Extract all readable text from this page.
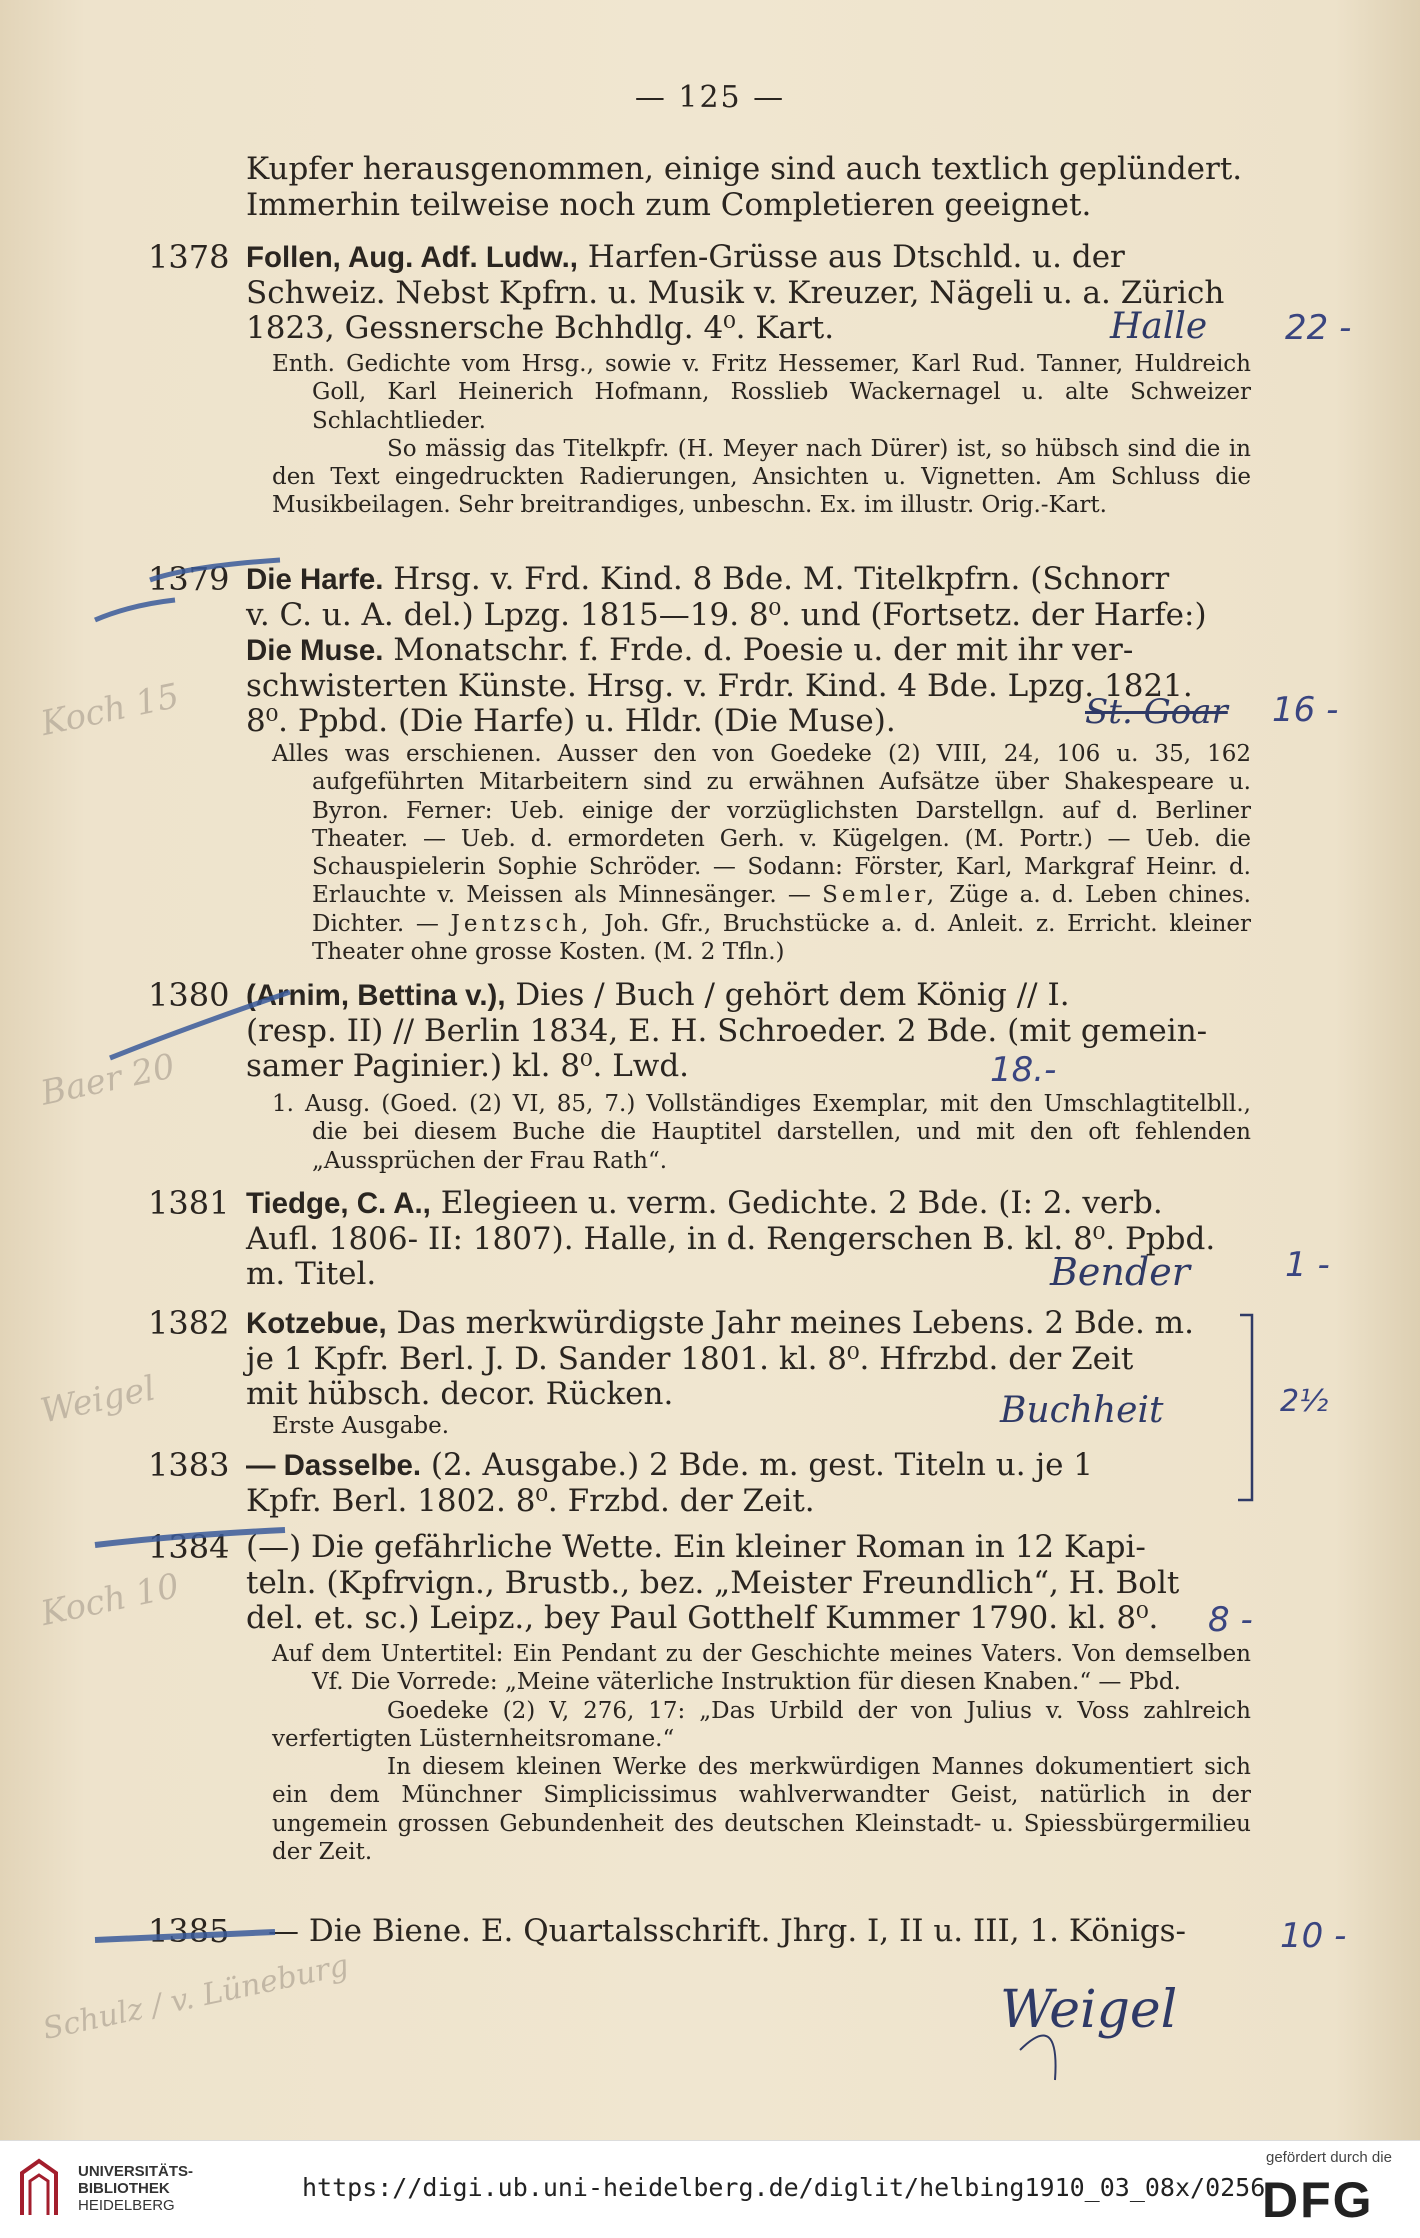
— 125 —

Kupfer herausgenommen, einige sind auch textlich geplündert.
Immerhin teilweise noch zum Completieren geeignet.

1378 Follen, Aug. Adf. Ludw., Harfen-Grüsse aus Dtschld. u. der
Schweiz. Nebst Kpfrn. u. Musik v. Kreuzer, Nägeli u. a. Zürich
1823, Gessnersche Bchhdlg. 4⁰. Kart.

Enth. Gedichte vom Hrsg., sowie v. Fritz Hessemer, Karl Rud. Tanner, Huldreich Goll, Karl Heinerich Hofmann, Rosslieb Wackernagel u. alte Schweizer Schlachtlieder.
So mässig das Titelkpfr. (H. Meyer nach Dürer) ist, so hübsch sind die in den Text eingedruckten Radierungen, Ansichten u. Vignetten. Am Schluss die Musikbeilagen. Sehr breitrandiges, unbeschn. Ex. im illustr. Orig.-Kart.

Halle 22 -
1379 Die Harfe. Hrsg. v. Frd. Kind. 8 Bde. M. Titelkpfrn. (Schnorr
v. C. u. A. del.) Lpzg. 1815—19. 8⁰. und (Fortsetz. der Harfe:)
Die Muse. Monatschr. f. Frde. d. Poesie u. der mit ihr ver-
schwisterten Künste. Hrsg. v. Frdr. Kind. 4 Bde. Lpzg. 1821.
8⁰. Ppbd. (Die Harfe) u. Hldr. (Die Muse).

Alles was erschienen. Ausser den von Goedeke (2) VIII, 24, 106 u. 35, 162 aufgeführten Mitarbeitern sind zu erwähnen Aufsätze über Shakespeare u. Byron. Ferner: Ueb. einige der vorzüglichsten Darstellgn. auf d. Berliner Theater. — Ueb. d. ermordeten Gerh. v. Kügelgen. (M. Portr.) — Ueb. die Schauspielerin Sophie Schröder. — Sodann: Förster, Karl, Markgraf Heinr. d. Erlauchte v. Meissen als Minnesänger. — Semler, Züge a. d. Leben chines. Dichter. — Jentzsch, Joh. Gfr., Bruchstücke a. d. Anleit. z. Erricht. kleiner Theater ohne grosse Kosten. (M. 2 Tfln.)

St. Goar 16 -
Koch 15
1380 (Arnim, Bettina v.), Dies / Buch / gehört dem König // I.
(resp. II) // Berlin 1834, E. H. Schroeder. 2 Bde. (mit gemein-
samer Paginier.) kl. 8⁰. Lwd.

1. Ausg. (Goed. (2) VI, 85, 7.) Vollständiges Exemplar, mit den Umschlagtitelbll., die bei diesem Buche die Hauptitel darstellen, und mit den oft fehlenden „Aussprüchen der Frau Rath“.

18.-
Baer 20
1381 Tiedge, C. A., Elegieen u. verm. Gedichte. 2 Bde. (I: 2. verb.
Aufl. 1806- II: 1807). Halle, in d. Rengerschen B. kl. 8⁰. Ppbd.
m. Titel.	Bender	1 -
1382 Kotzebue, Das merkwürdigste Jahr meines Lebens. 2 Bde. m.
je 1 Kpfr. Berl. J. D. Sander 1801. kl. 8⁰. Hfrzbd. der Zeit
mit hübsch. decor. Rücken.

Erste Ausgabe.	Buchheit	2½
Weigel
1383 — Dasselbe. (2. Ausgabe.) 2 Bde. m. gest. Titeln u. je 1
Kpfr. Berl. 1802. 8⁰. Frzbd. der Zeit.

1384 (—) Die gefährliche Wette. Ein kleiner Roman in 12 Kapi-
teln. (Kpfrvign., Brustb., bez. „Meister Freundlich“, H. Bolt
del. et. sc.) Leipz., bey Paul Gotthelf Kummer 1790. kl. 8⁰.

Auf dem Untertitel: Ein Pendant zu der Geschichte meines Vaters. Von demselben Vf. Die Vorrede: „Meine väterliche Instruktion für diesen Knaben.“ — Pbd.
Goedeke (2) V, 276, 17: „Das Urbild der von Julius v. Voss zahlreich verfertigten Lüsternheitsromane.“
In diesem kleinen Werke des merkwürdigen Mannes dokumentiert sich ein dem Münchner Simplicissimus wahlverwandter Geist, natürlich in der ungemein grossen Gebundenheit des deutschen Kleinstadt- u. Spiessbürgermilieu der Zeit.

8 -
Koch 10
1385 — Die Biene. E. Quartalsschrift. Jhrg. I, II u. III, 1. Königs-	10 -
Weigel
Schulz / v. Lüneburg
UNIVERSITÄTS-
BIBLIOTHEK
HEIDELBERG
https://digi.ub.uni-heidelberg.de/diglit/helbing1910_03_08x/0256
gefördert durch die
DFG
